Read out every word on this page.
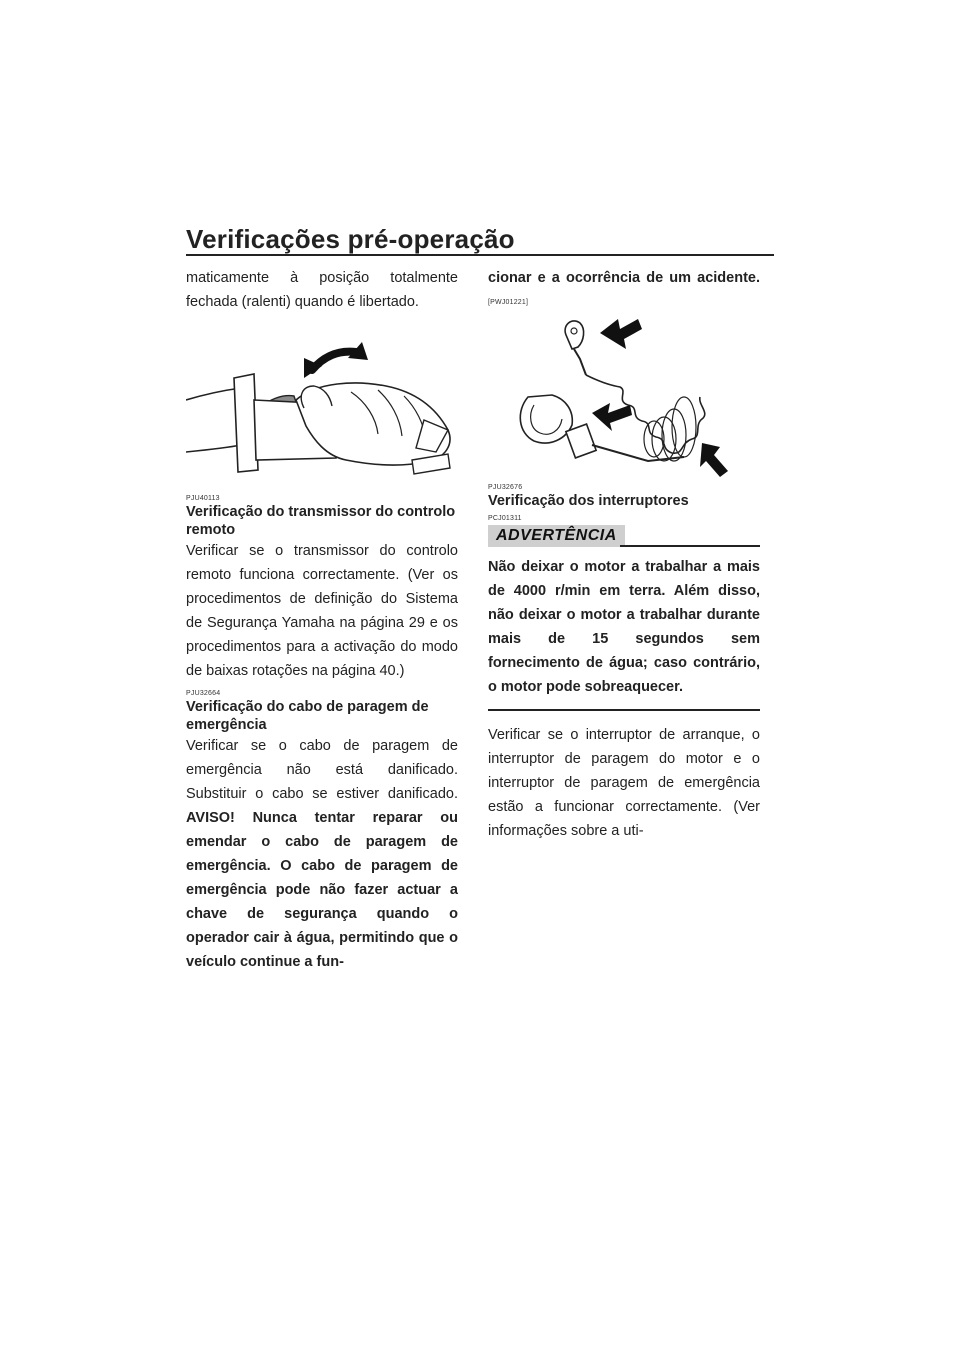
Verificações pré-operação

maticamente à posição totalmente fechada (ralenti) quando é libertado.

PJU40113

Verificação do transmissor do controlo remoto

Verificar se o transmissor do controlo remoto funciona correctamente. (Ver os procedimentos de definição do Sistema de Segurança Yamaha na página 29 e os procedimentos para a activação do modo de baixas rotações na página 40.)

PJU32664

Verificação do cabo de paragem de emergência

Verificar se o cabo de paragem de emergência não está danificado. Substituir o cabo se estiver danificado. AVISO! Nunca tentar reparar ou emendar o cabo de paragem de emergência. O cabo de paragem de emergência pode não fazer actuar a chave de segurança quando o operador cair à água, permitindo que o veículo continue a fun-

cionar e a ocorrência de um acidente.

[PWJ01221]

PJU32676

Verificação dos interruptores

PCJ01311

ADVERTÊNCIA

Não deixar o motor a trabalhar a mais de 4000 r/min em terra. Além disso, não deixar o motor a trabalhar durante mais de 15 segundos sem fornecimento de água; caso contrário, o motor pode sobreaquecer.

Verificar se o interruptor de arranque, o interruptor de paragem do motor e o interruptor de paragem de emergência estão a funcionar correctamente. (Ver informações sobre a uti-
